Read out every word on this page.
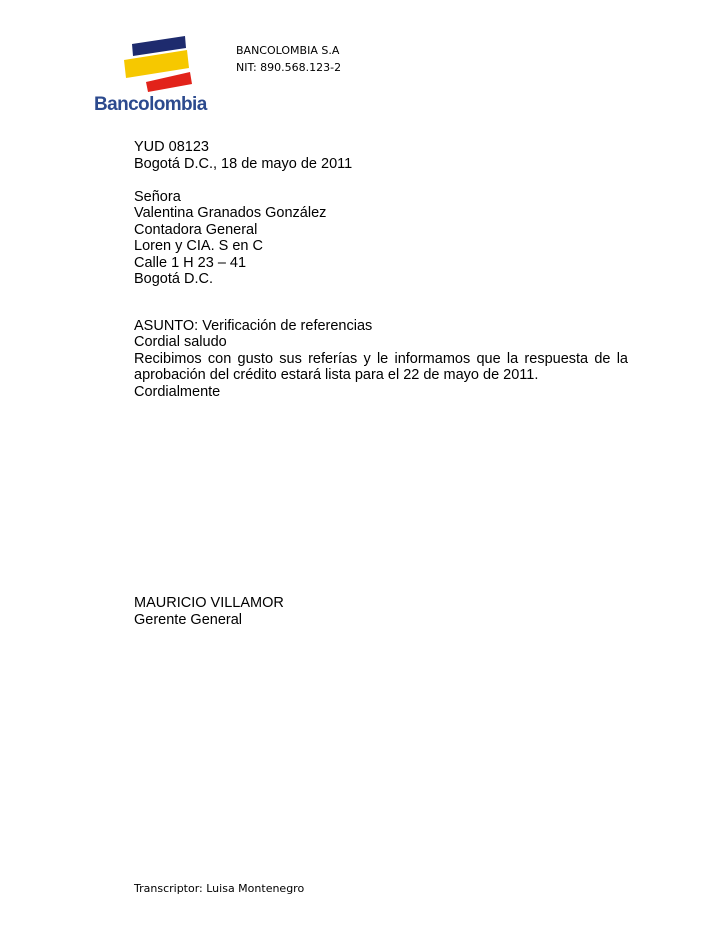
Bancolombia
BANCOLOMBIA S.A
NIT: 890.568.123-2

YUD 08123

Bogotá D.C., 18 de mayo de 2011

Señora

Valentina Granados González

Contadora General

Loren y CIA. S en C

Calle 1 H 23 – 41

Bogotá D.C.

ASUNTO: Verificación de referencias

Cordial saludo

Recibimos con gusto sus referías y le informamos que la respuesta de la aprobación del crédito estará lista para el 22 de mayo de 2011.

Cordialmente

MAURICIO VILLAMOR

Gerente General

Transcriptor: Luisa Montenegro
